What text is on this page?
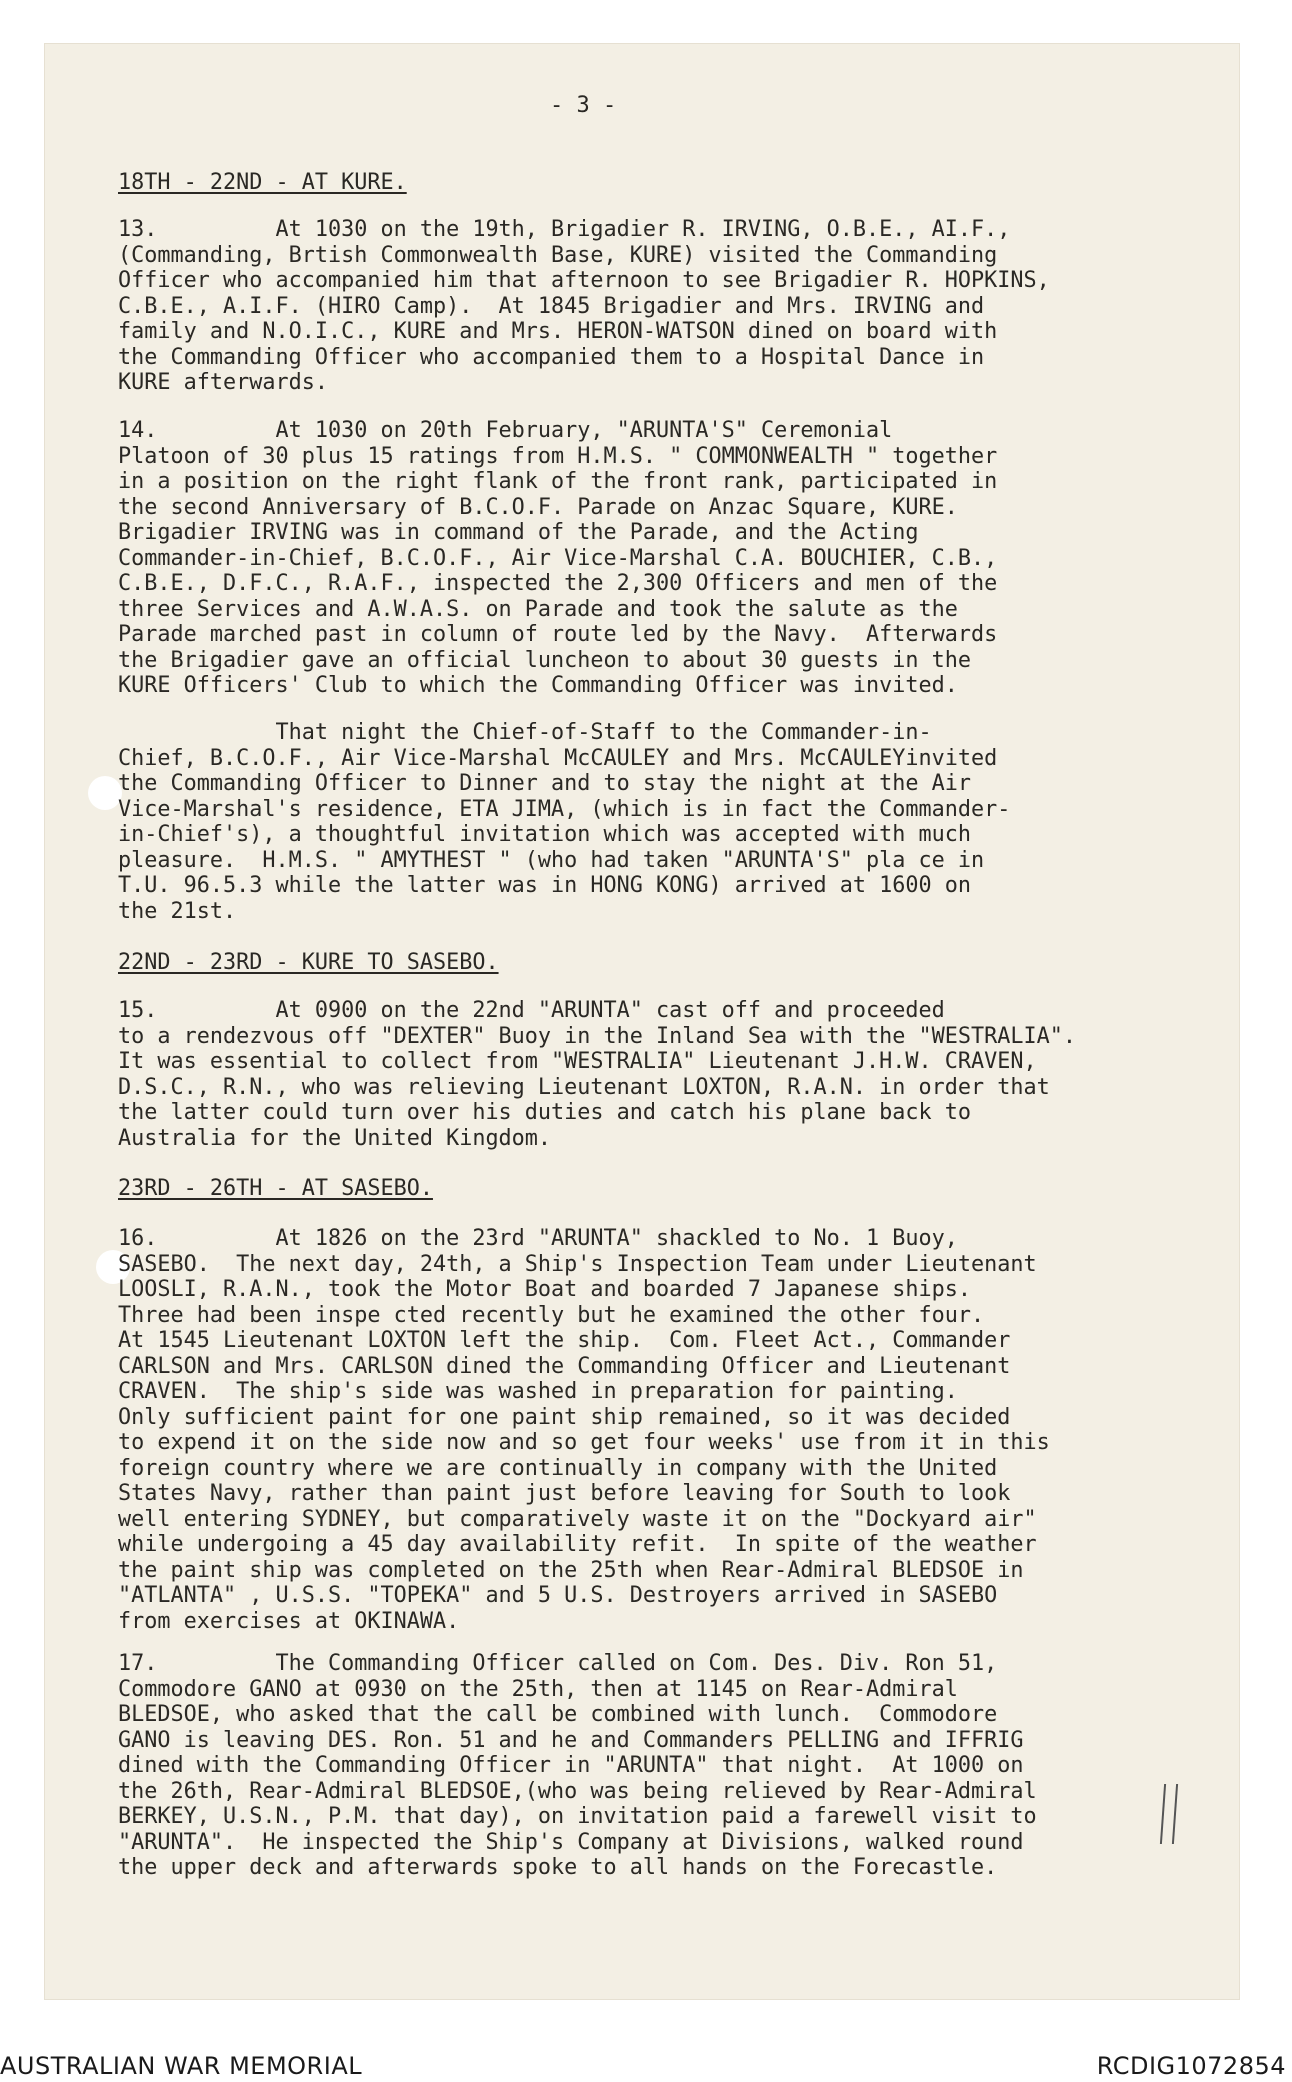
- 3 -
18TH - 22ND - AT KURE.
13.         At 1030 on the 19th, Brigadier R. IRVING, O.B.E., AI.F.,
(Commanding, Brtish Commonwealth Base, KURE) visited the Commanding
Officer who accompanied him that afternoon to see Brigadier R. HOPKINS,
C.B.E., A.I.F. (HIRO Camp).  At 1845 Brigadier and Mrs. IRVING and
family and N.O.I.C., KURE and Mrs. HERON-WATSON dined on board with
the Commanding Officer who accompanied them to a Hospital Dance in
KURE afterwards.
14.         At 1030 on 20th February, "ARUNTA'S" Ceremonial
Platoon of 30 plus 15 ratings from H.M.S. " COMMONWEALTH " together
in a position on the right flank of the front rank, participated in
the second Anniversary of B.C.O.F. Parade on Anzac Square, KURE.
Brigadier IRVING was in command of the Parade, and the Acting
Commander-in-Chief, B.C.O.F., Air Vice-Marshal C.A. BOUCHIER, C.B.,
C.B.E., D.F.C., R.A.F., inspected the 2,300 Officers and men of the
three Services and A.W.A.S. on Parade and took the salute as the
Parade marched past in column of route led by the Navy.  Afterwards
the Brigadier gave an official luncheon to about 30 guests in the
KURE Officers' Club to which the Commanding Officer was invited.
That night the Chief-of-Staff to the Commander-in-
Chief, B.C.O.F., Air Vice-Marshal McCAULEY and Mrs. McCAULEYinvited
the Commanding Officer to Dinner and to stay the night at the Air
Vice-Marshal's residence, ETA JIMA, (which is in fact the Commander-
in-Chief's), a thoughtful invitation which was accepted with much
pleasure.  H.M.S. " AMYTHEST " (who had taken "ARUNTA'S" pla ce in
T.U. 96.5.3 while the latter was in HONG KONG) arrived at 1600 on
the 21st.
22ND - 23RD - KURE TO SASEBO.
15.         At 0900 on the 22nd "ARUNTA" cast off and proceeded
to a rendezvous off "DEXTER" Buoy in the Inland Sea with the "WESTRALIA".
It was essential to collect from "WESTRALIA" Lieutenant J.H.W. CRAVEN,
D.S.C., R.N., who was relieving Lieutenant LOXTON, R.A.N. in order that
the latter could turn over his duties and catch his plane back to
Australia for the United Kingdom.
23RD - 26TH - AT SASEBO.
16.         At 1826 on the 23rd "ARUNTA" shackled to No. 1 Buoy,
SASEBO.  The next day, 24th, a Ship's Inspection Team under Lieutenant
LOOSLI, R.A.N., took the Motor Boat and boarded 7 Japanese ships.
Three had been inspe cted recently but he examined the other four.
At 1545 Lieutenant LOXTON left the ship.  Com. Fleet Act., Commander
CARLSON and Mrs. CARLSON dined the Commanding Officer and Lieutenant
CRAVEN.  The ship's side was washed in preparation for painting.
Only sufficient paint for one paint ship remained, so it was decided
to expend it on the side now and so get four weeks' use from it in this
foreign country where we are continually in company with the United
States Navy, rather than paint just before leaving for South to look
well entering SYDNEY, but comparatively waste it on the "Dockyard air"
while undergoing a 45 day availability refit.  In spite of the weather
the paint ship was completed on the 25th when Rear-Admiral BLEDSOE in
"ATLANTA" , U.S.S. "TOPEKA" and 5 U.S. Destroyers arrived in SASEBO
from exercises at OKINAWA.
17.         The Commanding Officer called on Com. Des. Div. Ron 51,
Commodore GANO at 0930 on the 25th, then at 1145 on Rear-Admiral
BLEDSOE, who asked that the call be combined with lunch.  Commodore
GANO is leaving DES. Ron. 51 and he and Commanders PELLING and IFFRIG
dined with the Commanding Officer in "ARUNTA" that night.  At 1000 on
the 26th, Rear-Admiral BLEDSOE,(who was being relieved by Rear-Admiral
BERKEY, U.S.N., P.M. that day), on invitation paid a farewell visit to
"ARUNTA".  He inspected the Ship's Company at Divisions, walked round
the upper deck and afterwards spoke to all hands on the Forecastle.
AUSTRALIAN WAR MEMORIAL	RCDIG1072854
